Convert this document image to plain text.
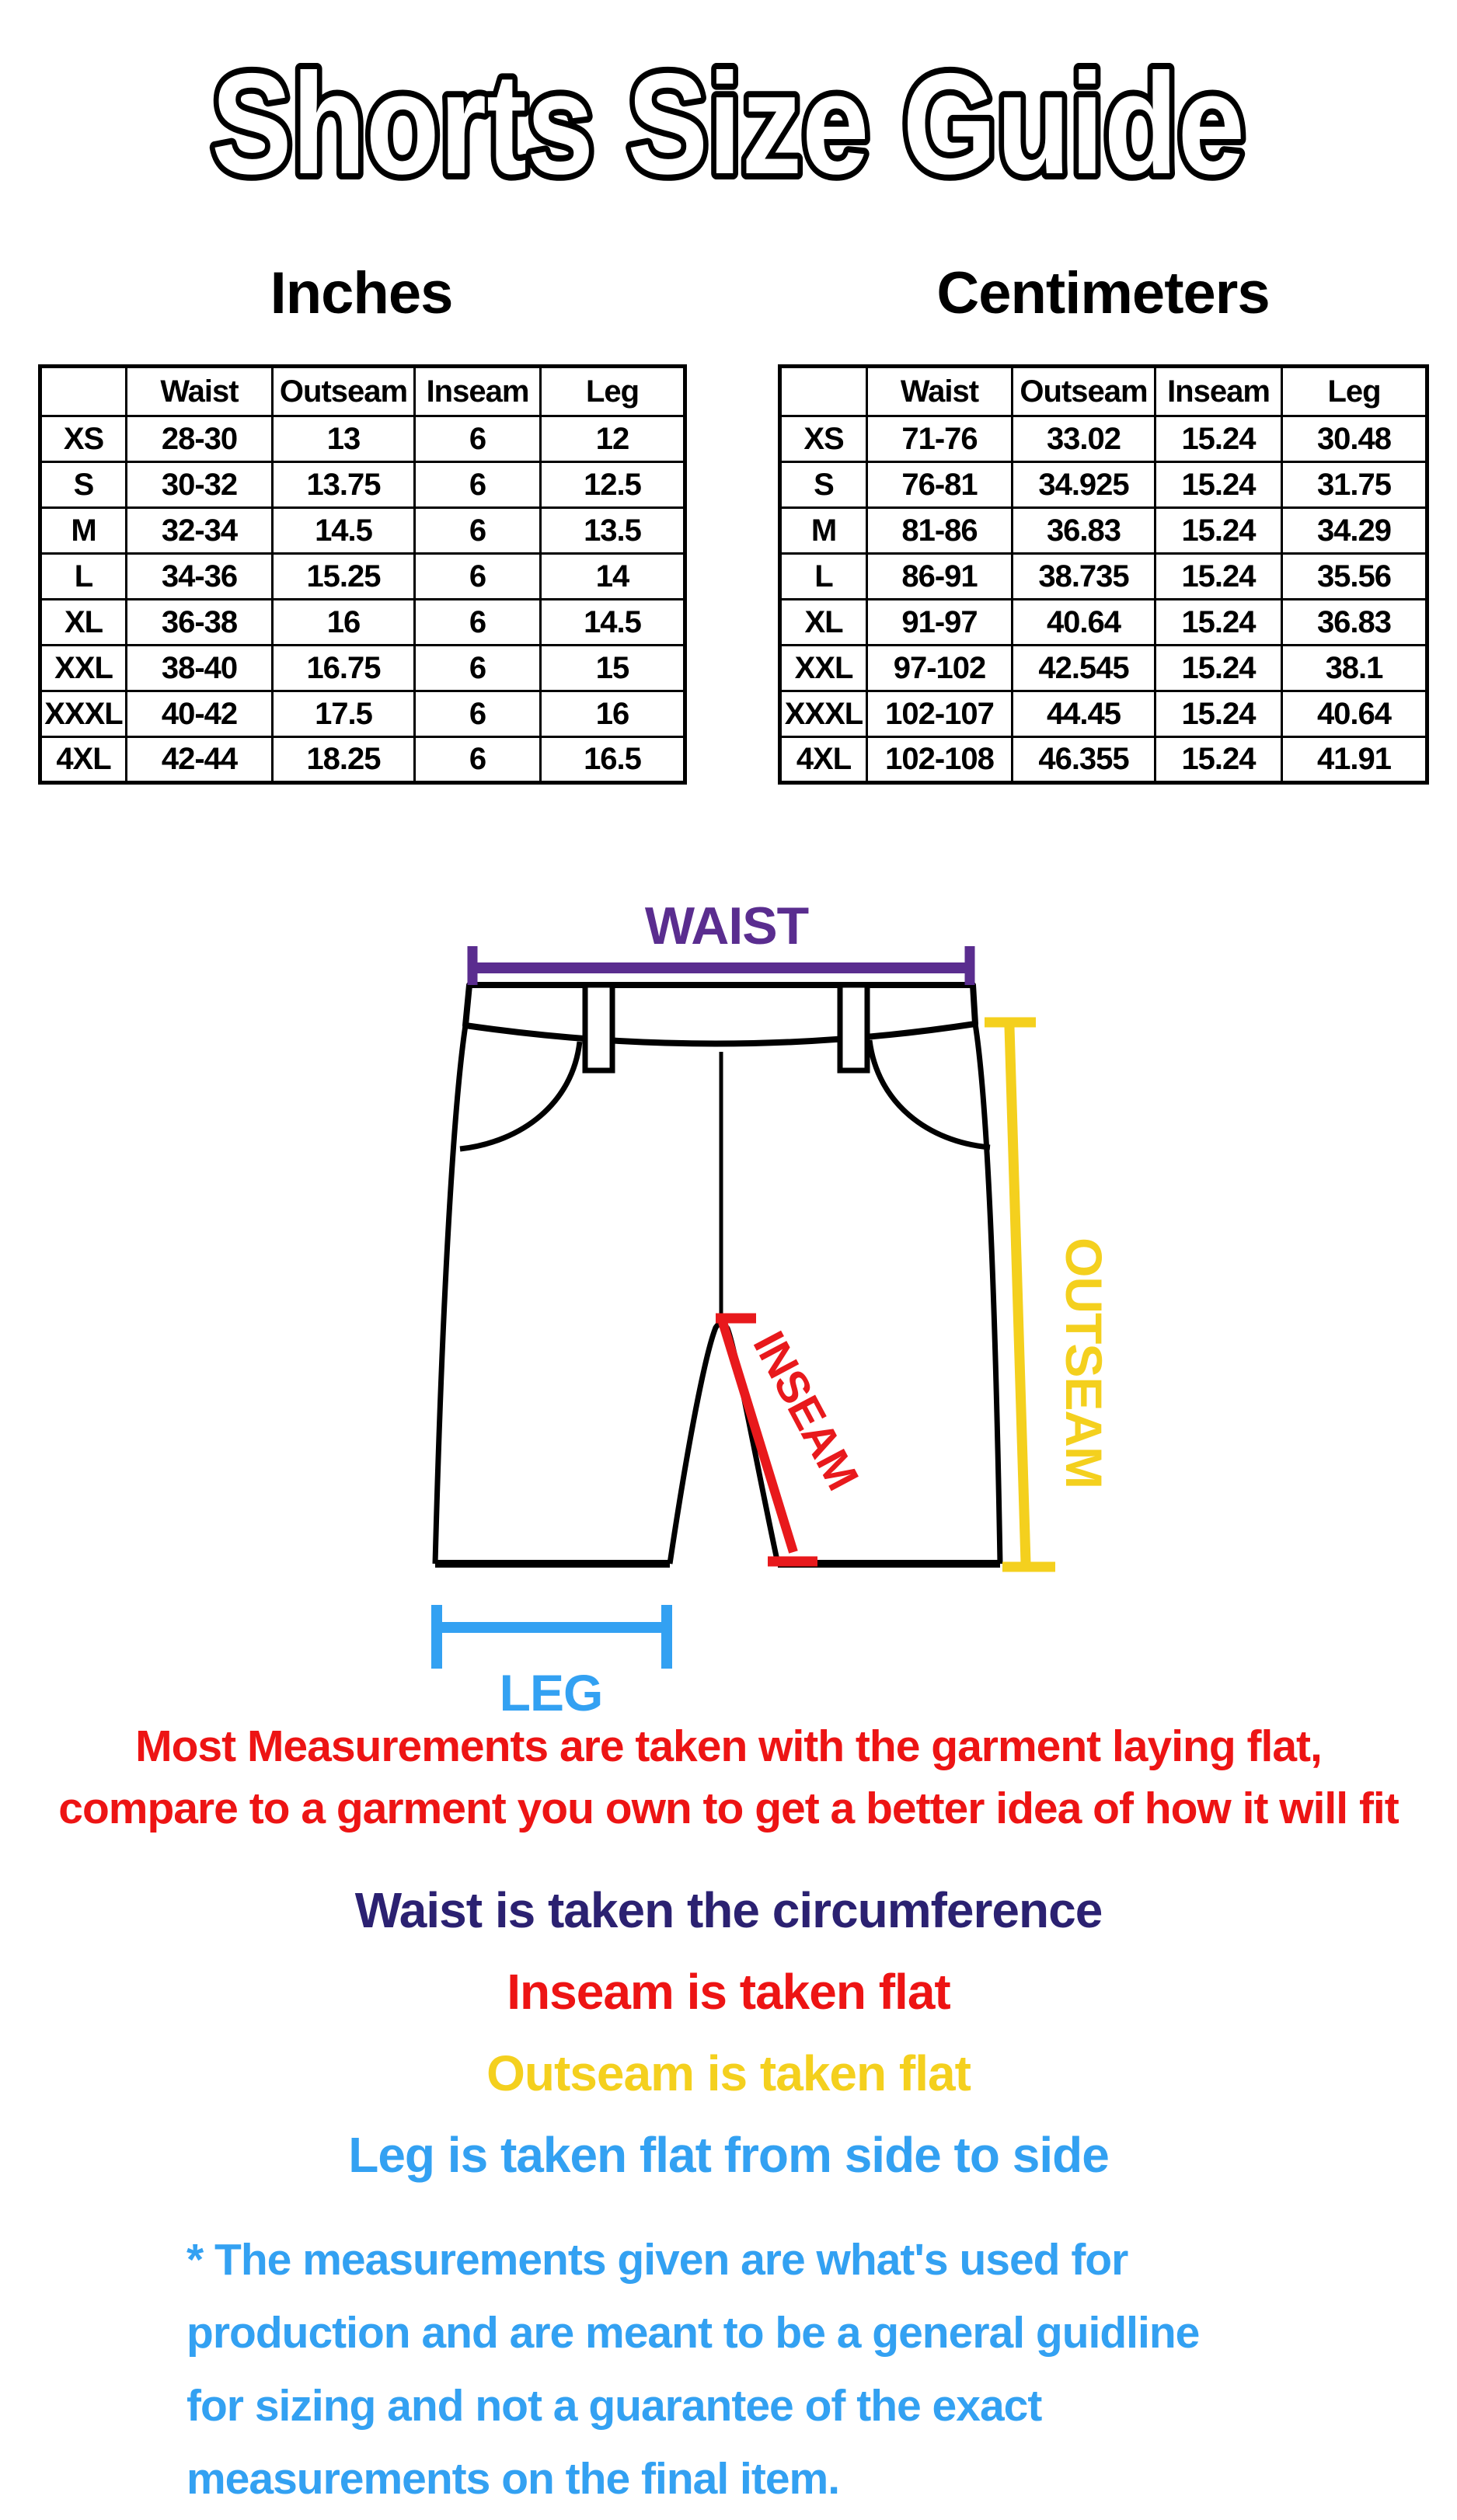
Shorts Size Guide
Inches	Centimeters
	Waist	Outseam	Inseam	Leg
XS	28-30	13	6	12
S	30-32	13.75	6	12.5
M	32-34	14.5	6	13.5
L	34-36	15.25	6	14
XL	36-38	16	6	14.5
XXL	38-40	16.75	6	15
XXXL	40-42	17.5	6	16
4XL	42-44	18.25	6	16.5
	Waist	Outseam	Inseam	Leg
XS	71-76	33.02	15.24	30.48
S	76-81	34.925	15.24	31.75
M	81-86	36.83	15.24	34.29
L	86-91	38.735	15.24	35.56
XL	91-97	40.64	15.24	36.83
XXL	97-102	42.545	15.24	38.1
XXXL	102-107	44.45	15.24	40.64
4XL	102-108	46.355	15.24	41.91
WAIST
OUTSEAM
INSEAM
LEG
Most Measurements are taken with the garment laying flat,
compare to a garment you own to get a better idea of how it will fit
Waist is taken the circumference
Inseam is taken flat
Outseam is taken flat
Leg is taken flat from side to side
* The measurements given are what's used for
production and are meant to be a general guidline
for sizing and not a guarantee of the exact
measurements on the final item.
